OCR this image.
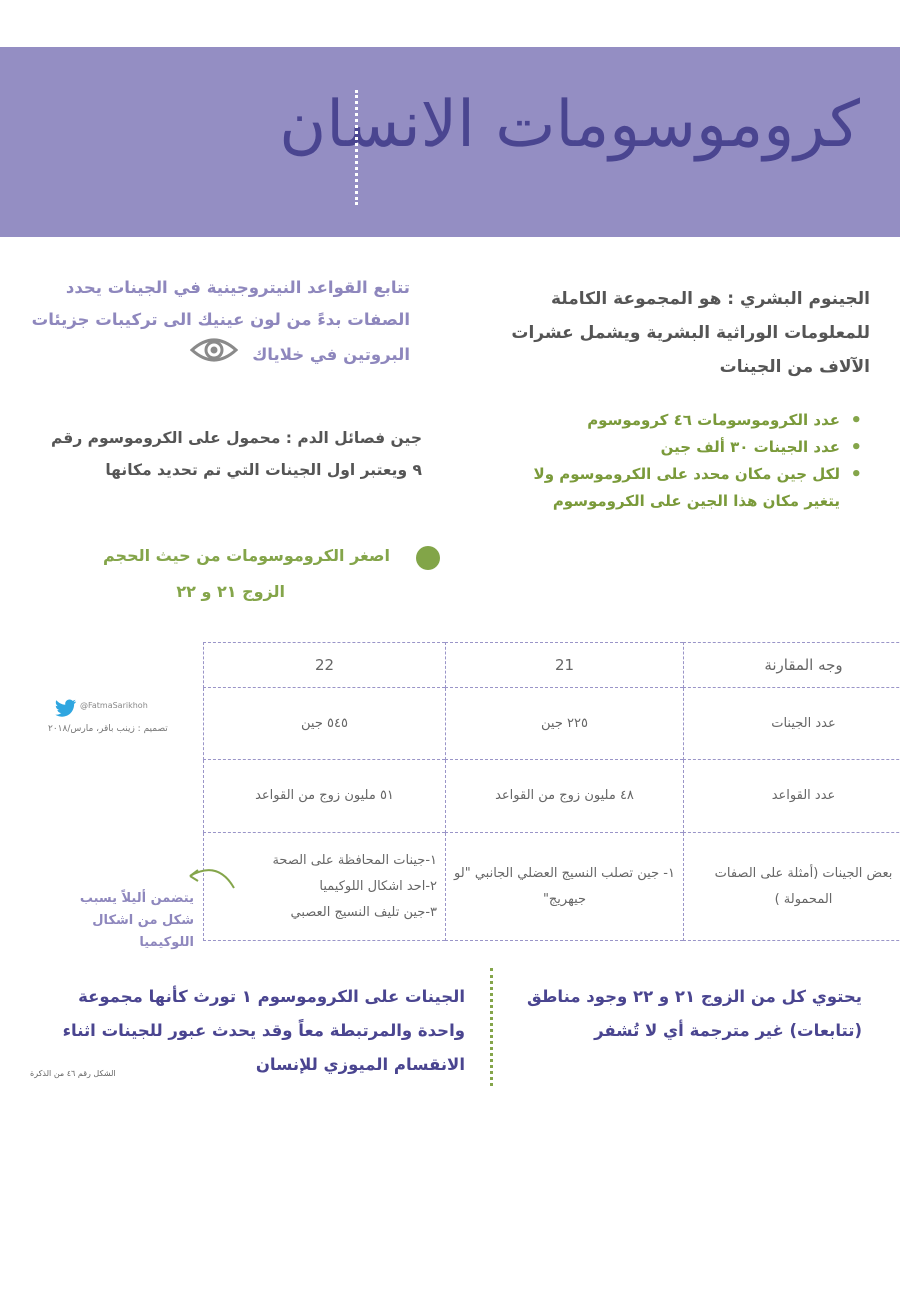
كروموسومات الانسان
الجينوم البشري : هو المجموعة الكاملة للمعلومات الوراثية البشرية ويشمل عشرات الآلاف من الجينات
تتابع القواعد النيتروجينية في الجينات يحدد الصفات بدءً من لون عينيك الى تركيبات جزيئات البروتين في خلاياك
• عدد الكروموسومات ٤٦ كروموسوم
• عدد الجينات ٣٠ ألف جين
• لكل جين مكان محدد على الكروموسوم ولا يتغير مكان هذا الجين على الكروموسوم
جين فصائل الدم : محمول على الكروموسوم رقم ٩ ويعتبر اول الجينات التي تم تحديد مكانها
اصغر الكروموسومات من حيث الحجم
الزوج ٢١ و ٢٢
وجه المقارنة	21	22
عدد الجينات	٢٢٥ جين	٥٤٥ جين
عدد القواعد	٤٨ مليون زوج من القواعد	٥١ مليون زوج من القواعد
بعض الجينات (أمثلة على الصفات المحمولة )	١- جين تصلب النسيج العضلي الجانبي "لو جيهريج"	١-جينات المحافظة على الصحة
٢-احد اشكال اللوكيميا
٣-جين تليف النسيج العصبي
@FatmaSarikhoh
تصميم : زينب باقر، مارس/٢٠١٨
يتضمن أليلاً يسبب شكل من اشكال اللوكيميا
يحتوي كل من الزوج ٢١ و ٢٢ وجود مناطق (تتابعات) غير مترجمة أي لا تُشفر
الجينات على الكروموسوم ١ تورث كأنها مجموعة واحدة والمرتبطة معاً وقد يحدث عبور للجينات اثناء الانقسام الميوزي للإنسان
الشكل رقم ٤٦ من الذكرة
